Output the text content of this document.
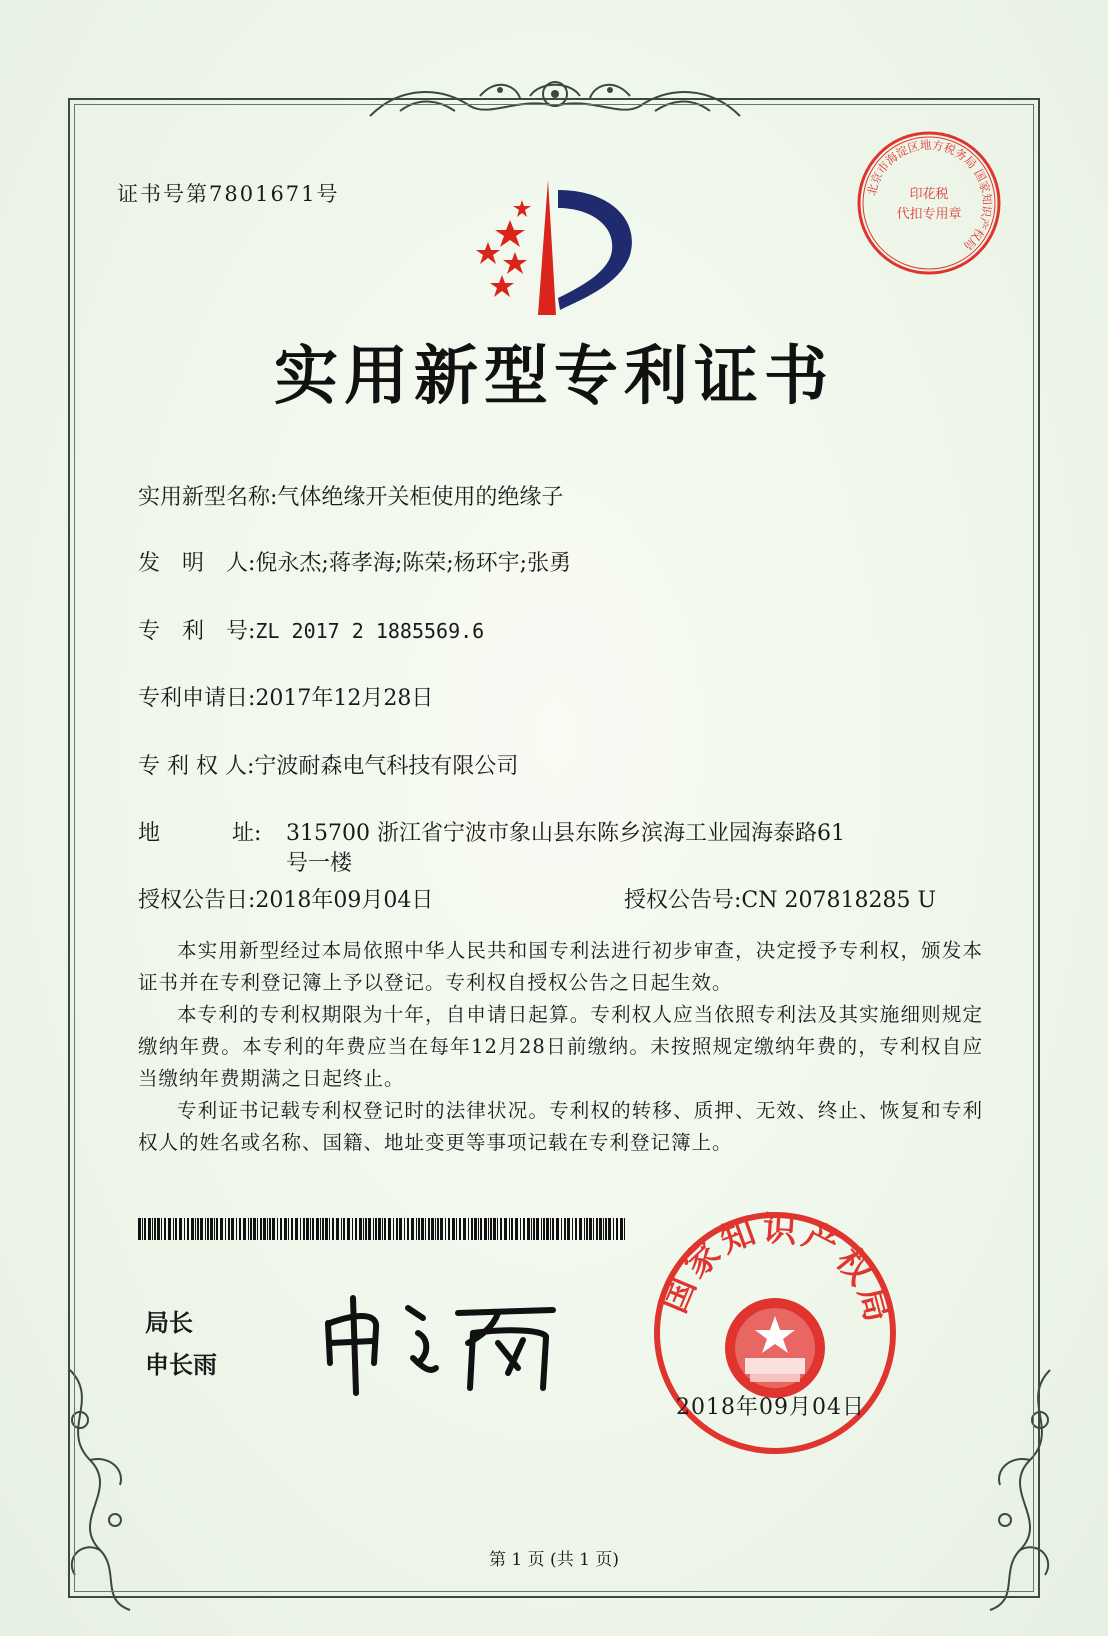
证书号第7801671号	北京市海淀区地方税务局 国家知识产权局
印花税
代扣专用章
实用新型专利证书
实用新型名称:气体绝缘开关柜使用的绝缘子
发　明　人:倪永杰;蒋孝海;陈荣;杨环宇;张勇
专　利　号:ZL 2017 2 1885569.6
专利申请日:2017年12月28日
专 利 权 人:宁波耐森电气科技有限公司
地	址: 315700 浙江省宁波市象山县东陈乡滨海工业园海泰路61
号一楼
授权公告日:2018年09月04日	授权公告号:CN 207818285 U

本实用新型经过本局依照中华人民共和国专利法进行初步审查，决定授予专利权，颁发本证书并在专利登记簿上予以登记。专利权自授权公告之日起生效。

本专利的专利权期限为十年，自申请日起算。专利权人应当依照专利法及其实施细则规定缴纳年费。本专利的年费应当在每年12月28日前缴纳。未按照规定缴纳年费的，专利权自应当缴纳年费期满之日起终止。

专利证书记载专利权登记时的法律状况。专利权的转移、质押、无效、终止、恢复和专利权人的姓名或名称、国籍、地址变更等事项记载在专利登记簿上。

局长
申长雨
国家知识产权局
2018年09月04日
第 1 页 (共 1 页)
